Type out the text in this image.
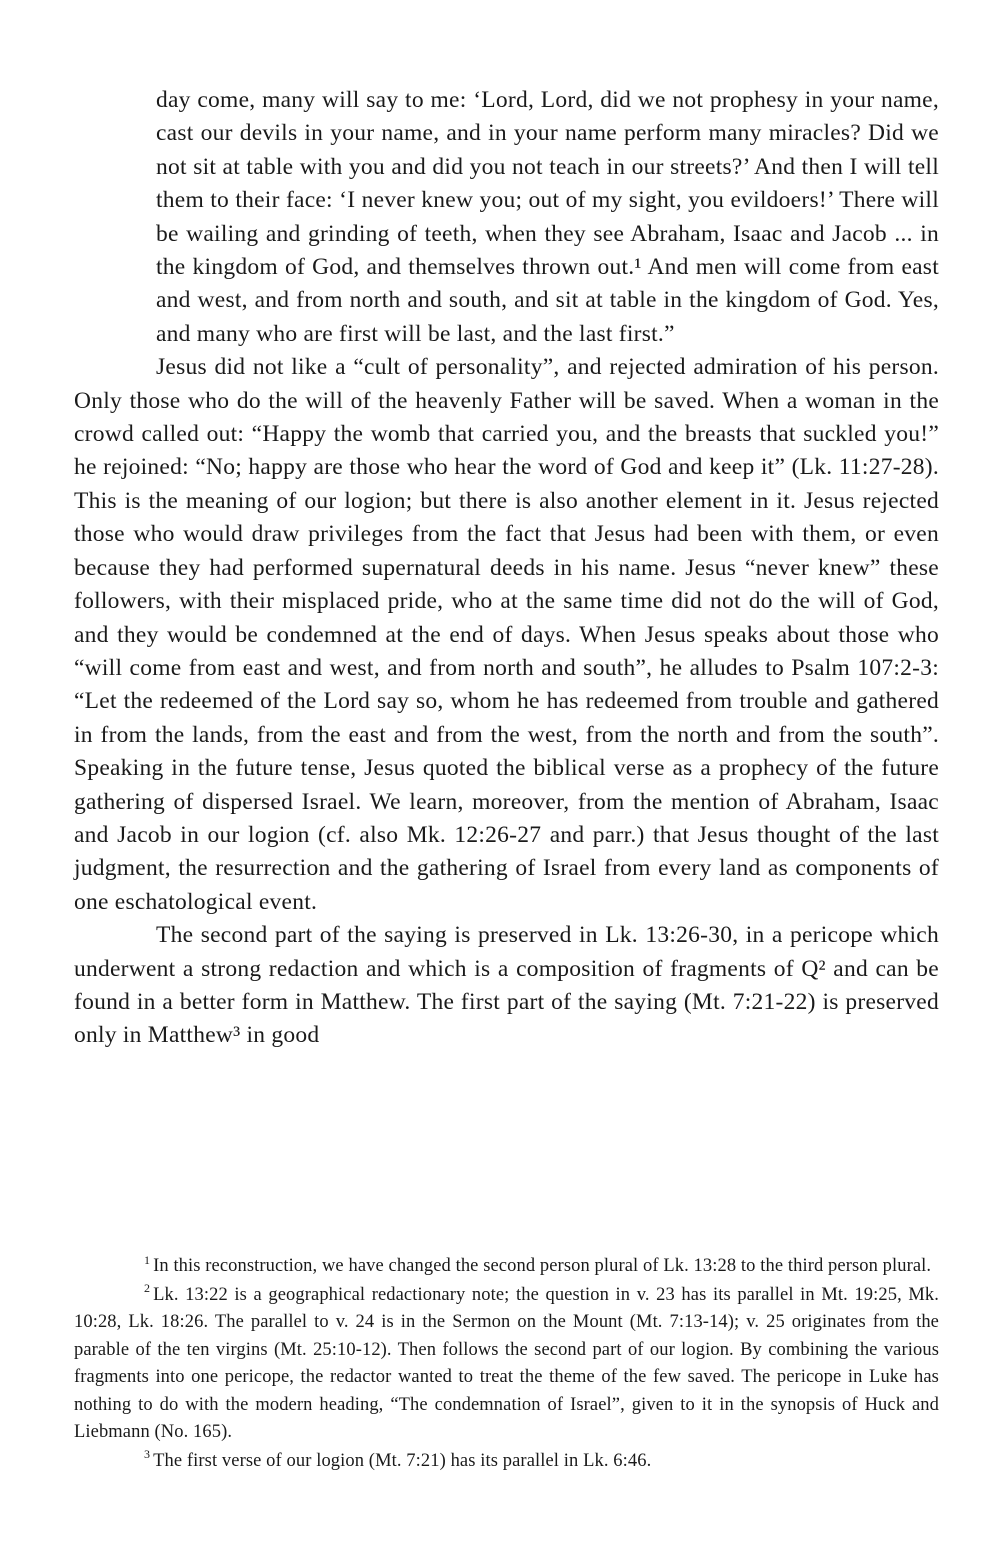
day come, many will say to me: ‘Lord, Lord, did we not prophesy in your name, cast our devils in your name, and in your name perform many miracles? Did we not sit at table with you and did you not teach in our streets?’ And then I will tell them to their face: ‘I never knew you; out of my sight, you evildoers!’ There will be wailing and grinding of teeth, when they see Abraham, Isaac and Jacob ... in the kingdom of God, and themselves thrown out.¹ And men will come from east and west, and from north and south, and sit at table in the kingdom of God. Yes, and many who are first will be last, and the last first.”

Jesus did not like a “cult of personality”, and rejected admiration of his person. Only those who do the will of the heavenly Father will be saved. When a woman in the crowd called out: “Happy the womb that carried you, and the breasts that suckled you!” he rejoined: “No; happy are those who hear the word of God and keep it” (Lk. 11:27-28). This is the meaning of our logion; but there is also another element in it. Jesus rejected those who would draw privileges from the fact that Jesus had been with them, or even because they had performed supernatural deeds in his name. Jesus “never knew” these followers, with their misplaced pride, who at the same time did not do the will of God, and they would be condemned at the end of days. When Jesus speaks about those who “will come from east and west, and from north and south”, he alludes to Psalm 107:2-3: “Let the redeemed of the Lord say so, whom he has redeemed from trouble and gathered in from the lands, from the east and from the west, from the north and from the south”. Speaking in the future tense, Jesus quoted the biblical verse as a prophecy of the future gathering of dispersed Israel. We learn, moreover, from the mention of Abraham, Isaac and Jacob in our logion (cf. also Mk. 12:26-27 and parr.) that Jesus thought of the last judgment, the resurrection and the gathering of Israel from every land as components of one eschatological event.

The second part of the saying is preserved in Lk. 13:26-30, in a pericope which underwent a strong redaction and which is a composition of fragments of Q² and can be found in a better form in Matthew. The first part of the saying (Mt. 7:21-22) is preserved only in Matthew³ in good

$^1$ In this reconstruction, we have changed the second person plural of Lk. 13:28 to the third person plural.

$^2$ Lk. 13:22 is a geographical redactionary note; the question in v. 23 has its parallel in Mt. 19:25, Mk. 10:28, Lk. 18:26. The parallel to v. 24 is in the Sermon on the Mount (Mt. 7:13-14); v. 25 originates from the parable of the ten virgins (Mt. 25:10-12). Then follows the second part of our logion. By combining the various fragments into one pericope, the redactor wanted to treat the theme of the few saved. The pericope in Luke has nothing to do with the modern heading, “The condemnation of Israel”, given to it in the synopsis of Huck and Liebmann (No. 165).

$^3$ The first verse of our logion (Mt. 7:21) has its parallel in Lk. 6:46.
